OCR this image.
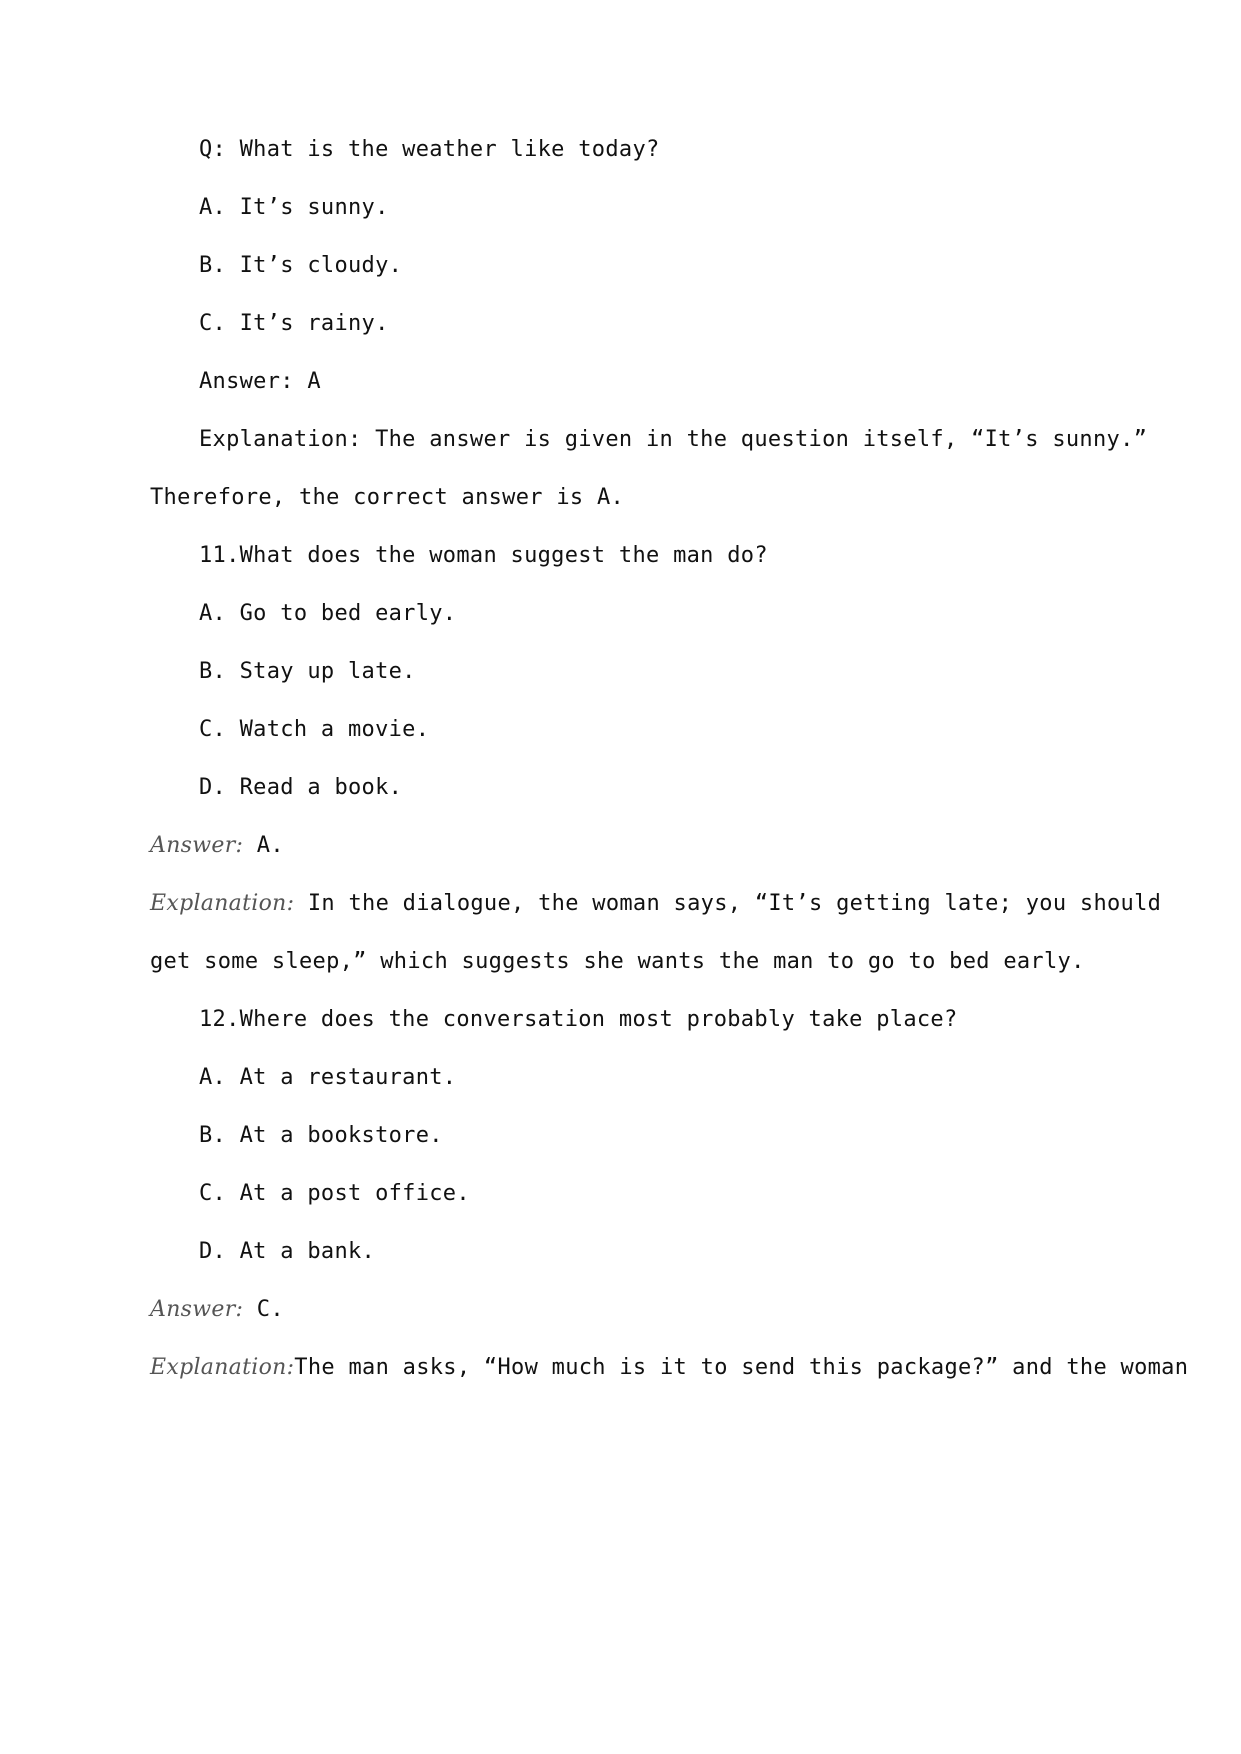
Q: What is the weather like today?
A. It’s sunny.
B. It’s cloudy.
C. It’s rainy.
Answer: A
Explanation: The answer is given in the question itself, “It’s sunny.”
Therefore, the correct answer is A.
11.What does the woman suggest the man do?
A. Go to bed early.
B. Stay up late.
C. Watch a movie.
D. Read a book.
Answer: A.
Explanation: In the dialogue, the woman says, “It’s getting late; you should
get some sleep,” which suggests she wants the man to go to bed early.
12.Where does the conversation most probably take place?
A. At a restaurant.
B. At a bookstore.
C. At a post office.
D. At a bank.
Answer: C.
Explanation:The man asks, “How much is it to send this package?” and the woman
